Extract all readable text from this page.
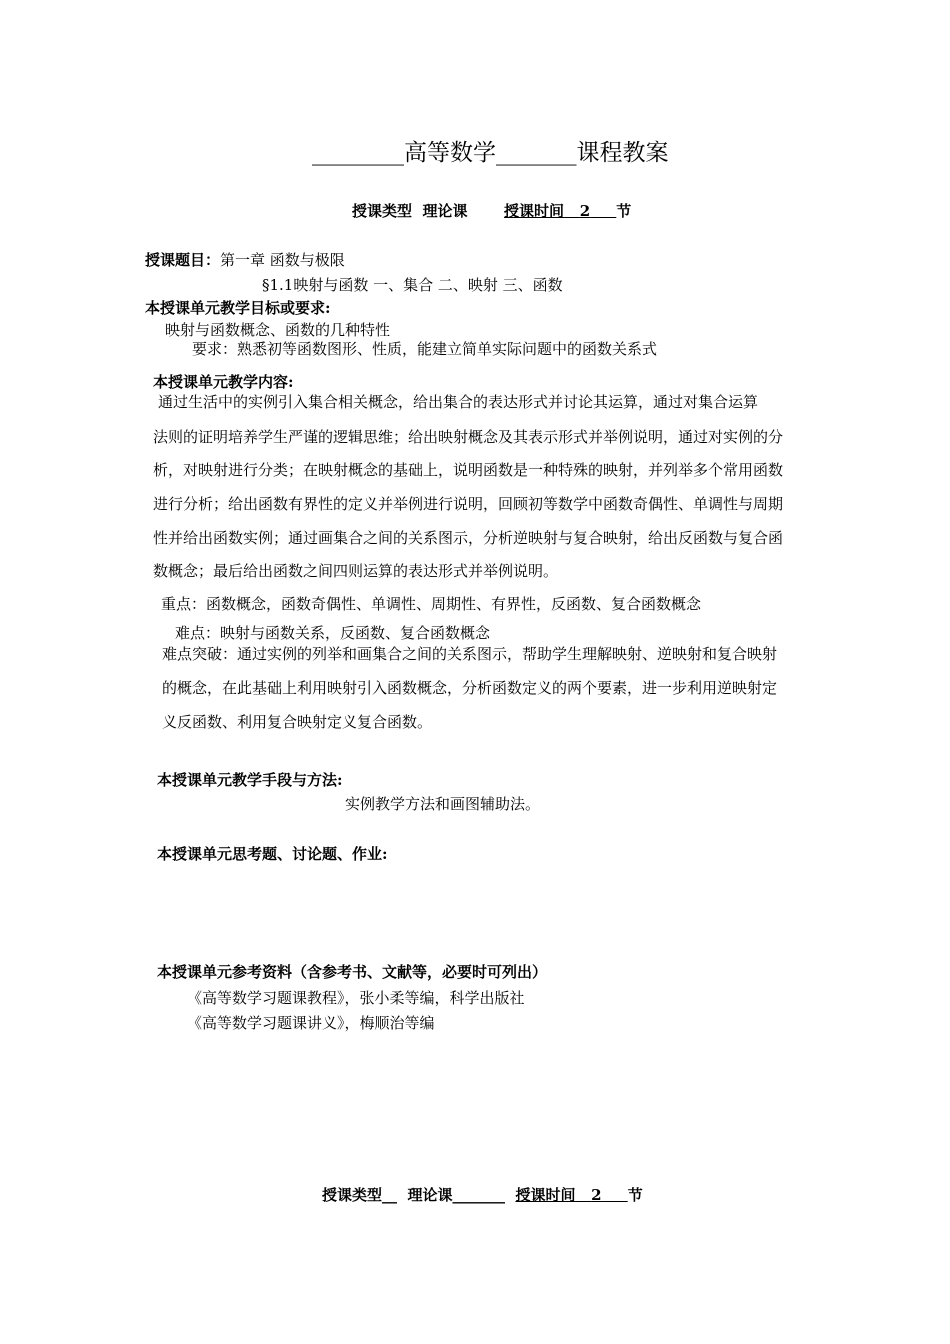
________高等数学_______课程教案
授课类型 理论课 授课时间 2 节
授课题目：第一章 函数与极限
§1.1映射与函数 一、集合 二、映射 三、函数
本授课单元教学目标或要求:
映射与函数概念、函数的几种特性
要求：熟悉初等函数图形、性质，能建立简单实际问题中的函数关系式
本授课单元教学内容:
通过生活中的实例引入集合相关概念，给出集合的表达形式并讨论其运算，通过对集合运算
法则的证明培养学生严谨的逻辑思维；给出映射概念及其表示形式并举例说明，通过对实例的分
析，对映射进行分类；在映射概念的基础上，说明函数是一种特殊的映射，并列举多个常用函数
进行分析；给出函数有界性的定义并举例进行说明，回顾初等数学中函数奇偶性、单调性与周期
性并给出函数实例；通过画集合之间的关系图示，分析逆映射与复合映射，给出反函数与复合函
数概念；最后给出函数之间四则运算的表达形式并举例说明。
重点：函数概念，函数奇偶性、单调性、周期性、有界性，反函数、复合函数概念
难点：映射与函数关系，反函数、复合函数概念
难点突破：通过实例的列举和画集合之间的关系图示，帮助学生理解映射、逆映射和复合映射
的概念，在此基础上利用映射引入函数概念，分析函数定义的两个要素，进一步利用逆映射定
义反函数、利用复合映射定义复合函数。
本授课单元教学手段与方法:
实例教学方法和画图辅助法。
本授课单元思考题、讨论题、作业:
本授课单元参考资料（含参考书、文献等，必要时可列出）
《高等数学习题课教程》，张小柔等编，科学出版社
《高等数学习题课讲义》，梅顺治等编
授课类型__ 理论课_______ 授课时间 2 节
